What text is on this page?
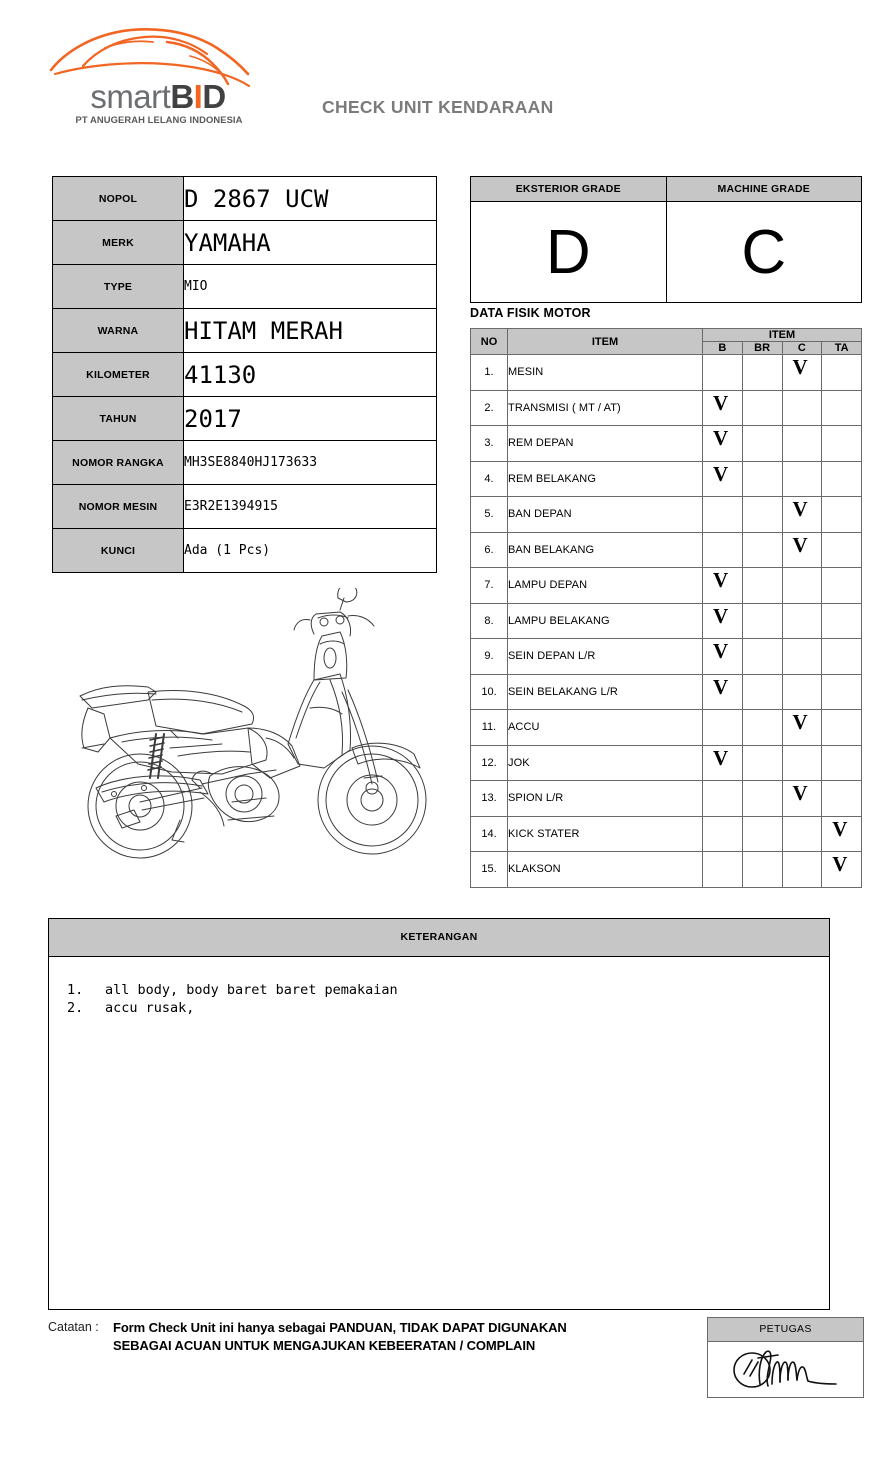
smartBID
PT ANUGERAH LELANG INDONESIA
CHECK UNIT KENDARAAN
NOPOL	D 2867 UCW
MERK	YAMAHA
TYPE	MIO
WARNA	HITAM MERAH
KILOMETER	41130
TAHUN	2017
NOMOR RANGKA	MH3SE8840HJ173633
NOMOR MESIN	E3R2E1394915
KUNCI	Ada (1 Pcs)
EKSTERIOR GRADE	MACHINE GRADE
D	C
DATA FISIK MOTOR
NO	ITEM	ITEM			
		B	BR	C	TA
1.	MESIN			V	

2.	TRANSMISI ( MT / AT)	V			

3.	REM DEPAN	V			

4.	REM BELAKANG	V			

5.	BAN DEPAN			V	

6.	BAN BELAKANG			V	

7.	LAMPU DEPAN	V			

8.	LAMPU BELAKANG	V			

9.	SEIN DEPAN L/R	V			

10.	SEIN BELAKANG L/R	V			

11.	ACCU			V	

12.	JOK	V			

13.	SPION L/R			V	

14.	KICK STATER				V

15.	KLAKSON				V
KETERANGAN
1.	all body, body baret baret pemakaian
2.	accu rusak,
Catatan : Form Check Unit ini hanya sebagai PANDUAN, TIDAK DAPAT DIGUNAKAN SEBAGAI ACUAN UNTUK MENGAJUKAN KEBEERATAN / COMPLAIN
PETUGAS
